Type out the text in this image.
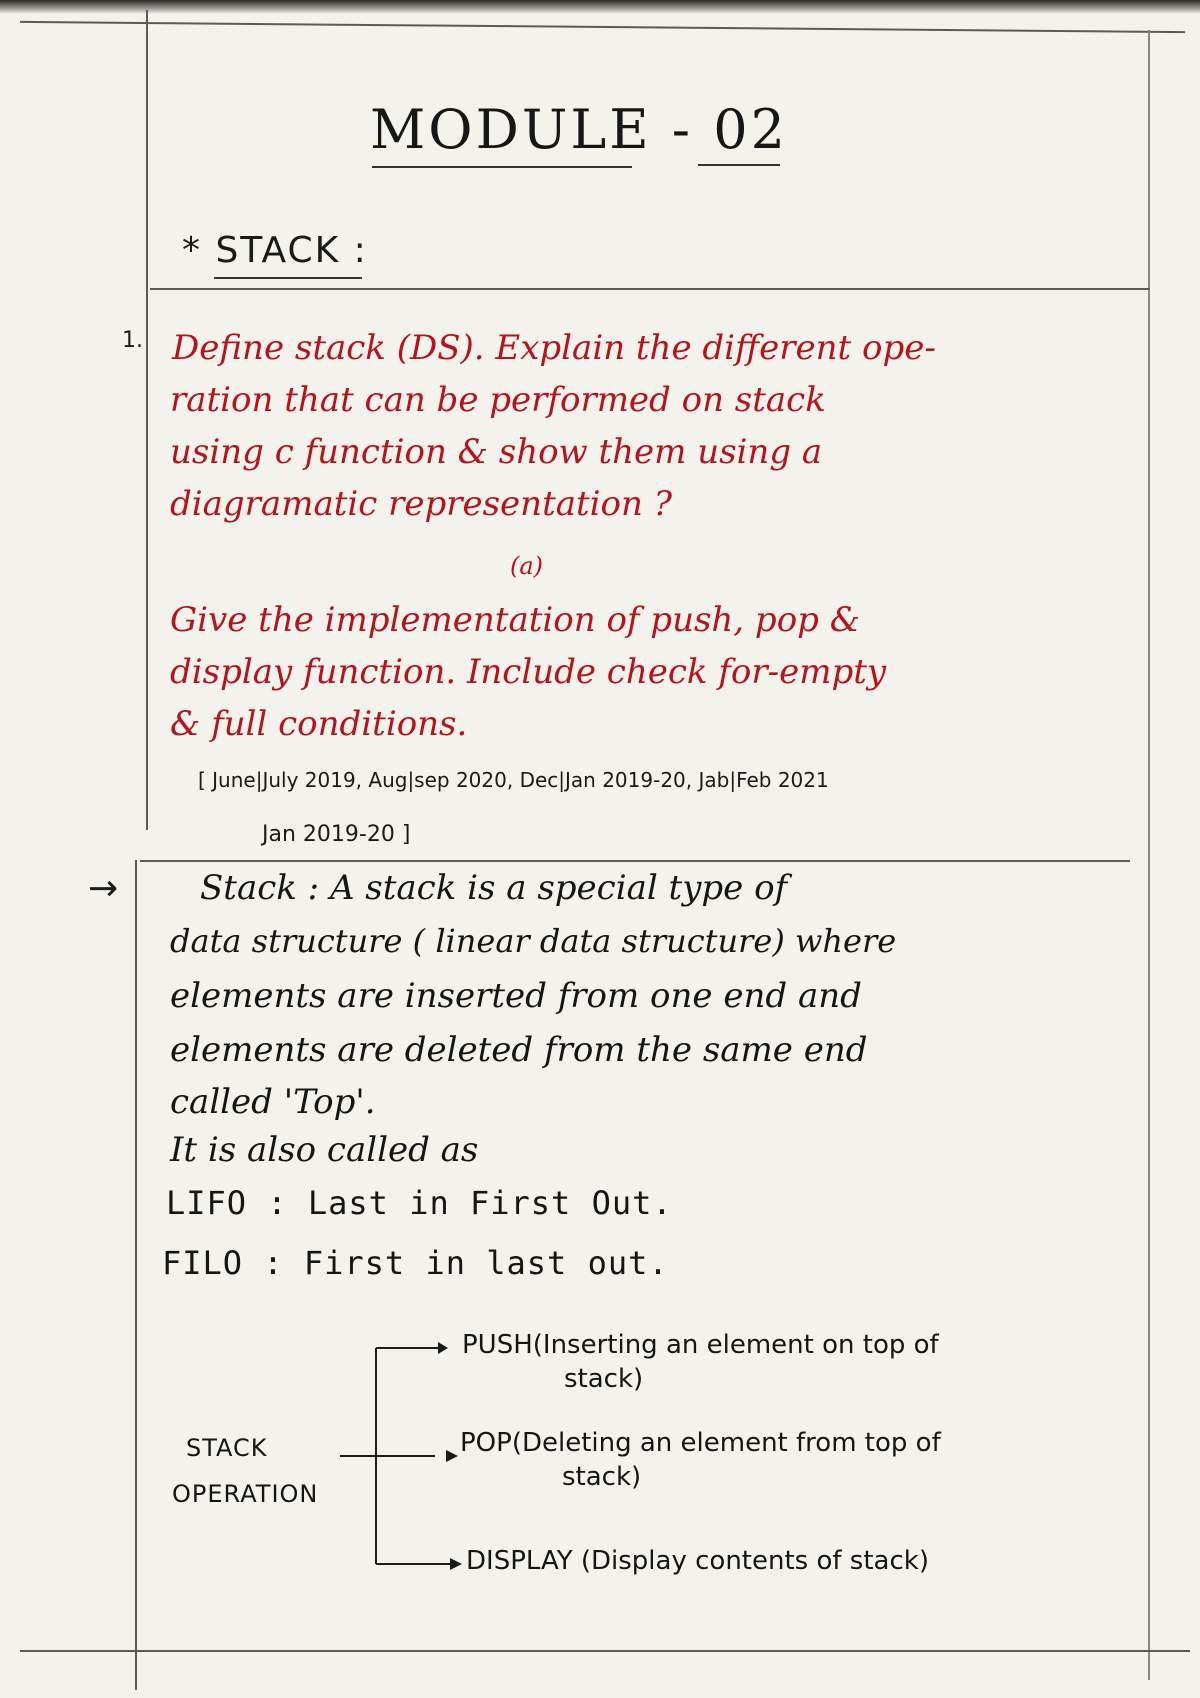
MODULE - 02
* STACK :
1. Define stack (DS). Explain the different ope-
ration that can be performed on stack
using c function & show them using a
diagramatic representation ?
(a)
Give the implementation of push, pop &
display function. Include check for-empty
& full conditions.
[ June|July 2019, Aug|sep 2020, Dec|Jan 2019-20, Jab|Feb 2021
Jan 2019-20 ]
→ Stack : A stack is a special type of
data structure ( linear data structure) where
elements are inserted from one end and
elements are deleted from the same end
called 'Top'.
It is also called as
LIFO : Last in First Out.
FILO : First in last out.
STACK
OPERATION
PUSH(Inserting an element on top of
stack)
POP(Deleting an element from top of
stack)
DISPLAY (Display contents of stack)
